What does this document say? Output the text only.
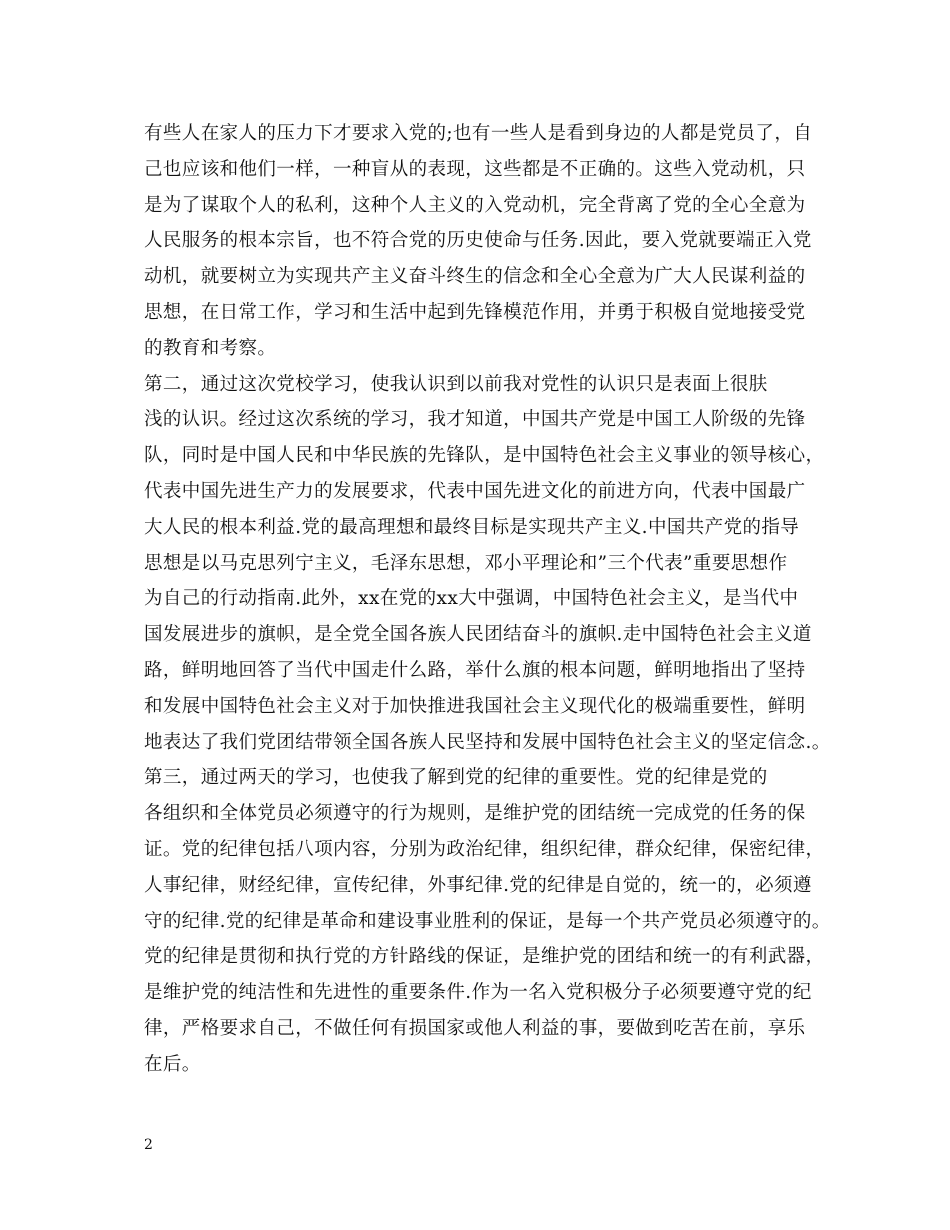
有些人在家人的压力下才要求入党的;也有一些人是看到身边的人都是党员了，自
己也应该和他们一样，一种盲从的表现，这些都是不正确的。这些入党动机，只
是为了谋取个人的私利，这种个人主义的入党动机，完全背离了党的全心全意为
人民服务的根本宗旨，也不符合党的历史使命与任务.因此，要入党就要端正入党
动机，就要树立为实现共产主义奋斗终生的信念和全心全意为广大人民谋利益的
思想，在日常工作，学习和生活中起到先锋模范作用，并勇于积极自觉地接受党
的教育和考察。
第二，通过这次党校学习，使我认识到以前我对党性的认识只是表面上很肤
浅的认识。经过这次系统的学习，我才知道，中国共产党是中国工人阶级的先锋
队，同时是中国人民和中华民族的先锋队，是中国特色社会主义事业的领导核心，
代表中国先进生产力的发展要求，代表中国先进文化的前进方向，代表中国最广
大人民的根本利益.党的最高理想和最终目标是实现共产主义.中国共产党的指导
思想是以马克思列宁主义，毛泽东思想，邓小平理论和”三个代表”重要思想作
为自己的行动指南.此外，xx在党的xx大中强调，中国特色社会主义，是当代中
国发展进步的旗帜，是全党全国各族人民团结奋斗的旗帜.走中国特色社会主义道
路，鲜明地回答了当代中国走什么路，举什么旗的根本问题，鲜明地指出了坚持
和发展中国特色社会主义对于加快推进我国社会主义现代化的极端重要性，鲜明
地表达了我们党团结带领全国各族人民坚持和发展中国特色社会主义的坚定信念.。
第三，通过两天的学习，也使我了解到党的纪律的重要性。党的纪律是党的
各组织和全体党员必须遵守的行为规则，是维护党的团结统一完成党的任务的保
证。党的纪律包括八项内容，分别为政治纪律，组织纪律，群众纪律，保密纪律，
人事纪律，财经纪律，宣传纪律，外事纪律.党的纪律是自觉的，统一的，必须遵
守的纪律.党的纪律是革命和建设事业胜利的保证，是每一个共产党员必须遵守的。
党的纪律是贯彻和执行党的方针路线的保证，是维护党的团结和统一的有利武器，
是维护党的纯洁性和先进性的重要条件.作为一名入党积极分子必须要遵守党的纪
律，严格要求自己，不做任何有损国家或他人利益的事，要做到吃苦在前，享乐
在后。
2
